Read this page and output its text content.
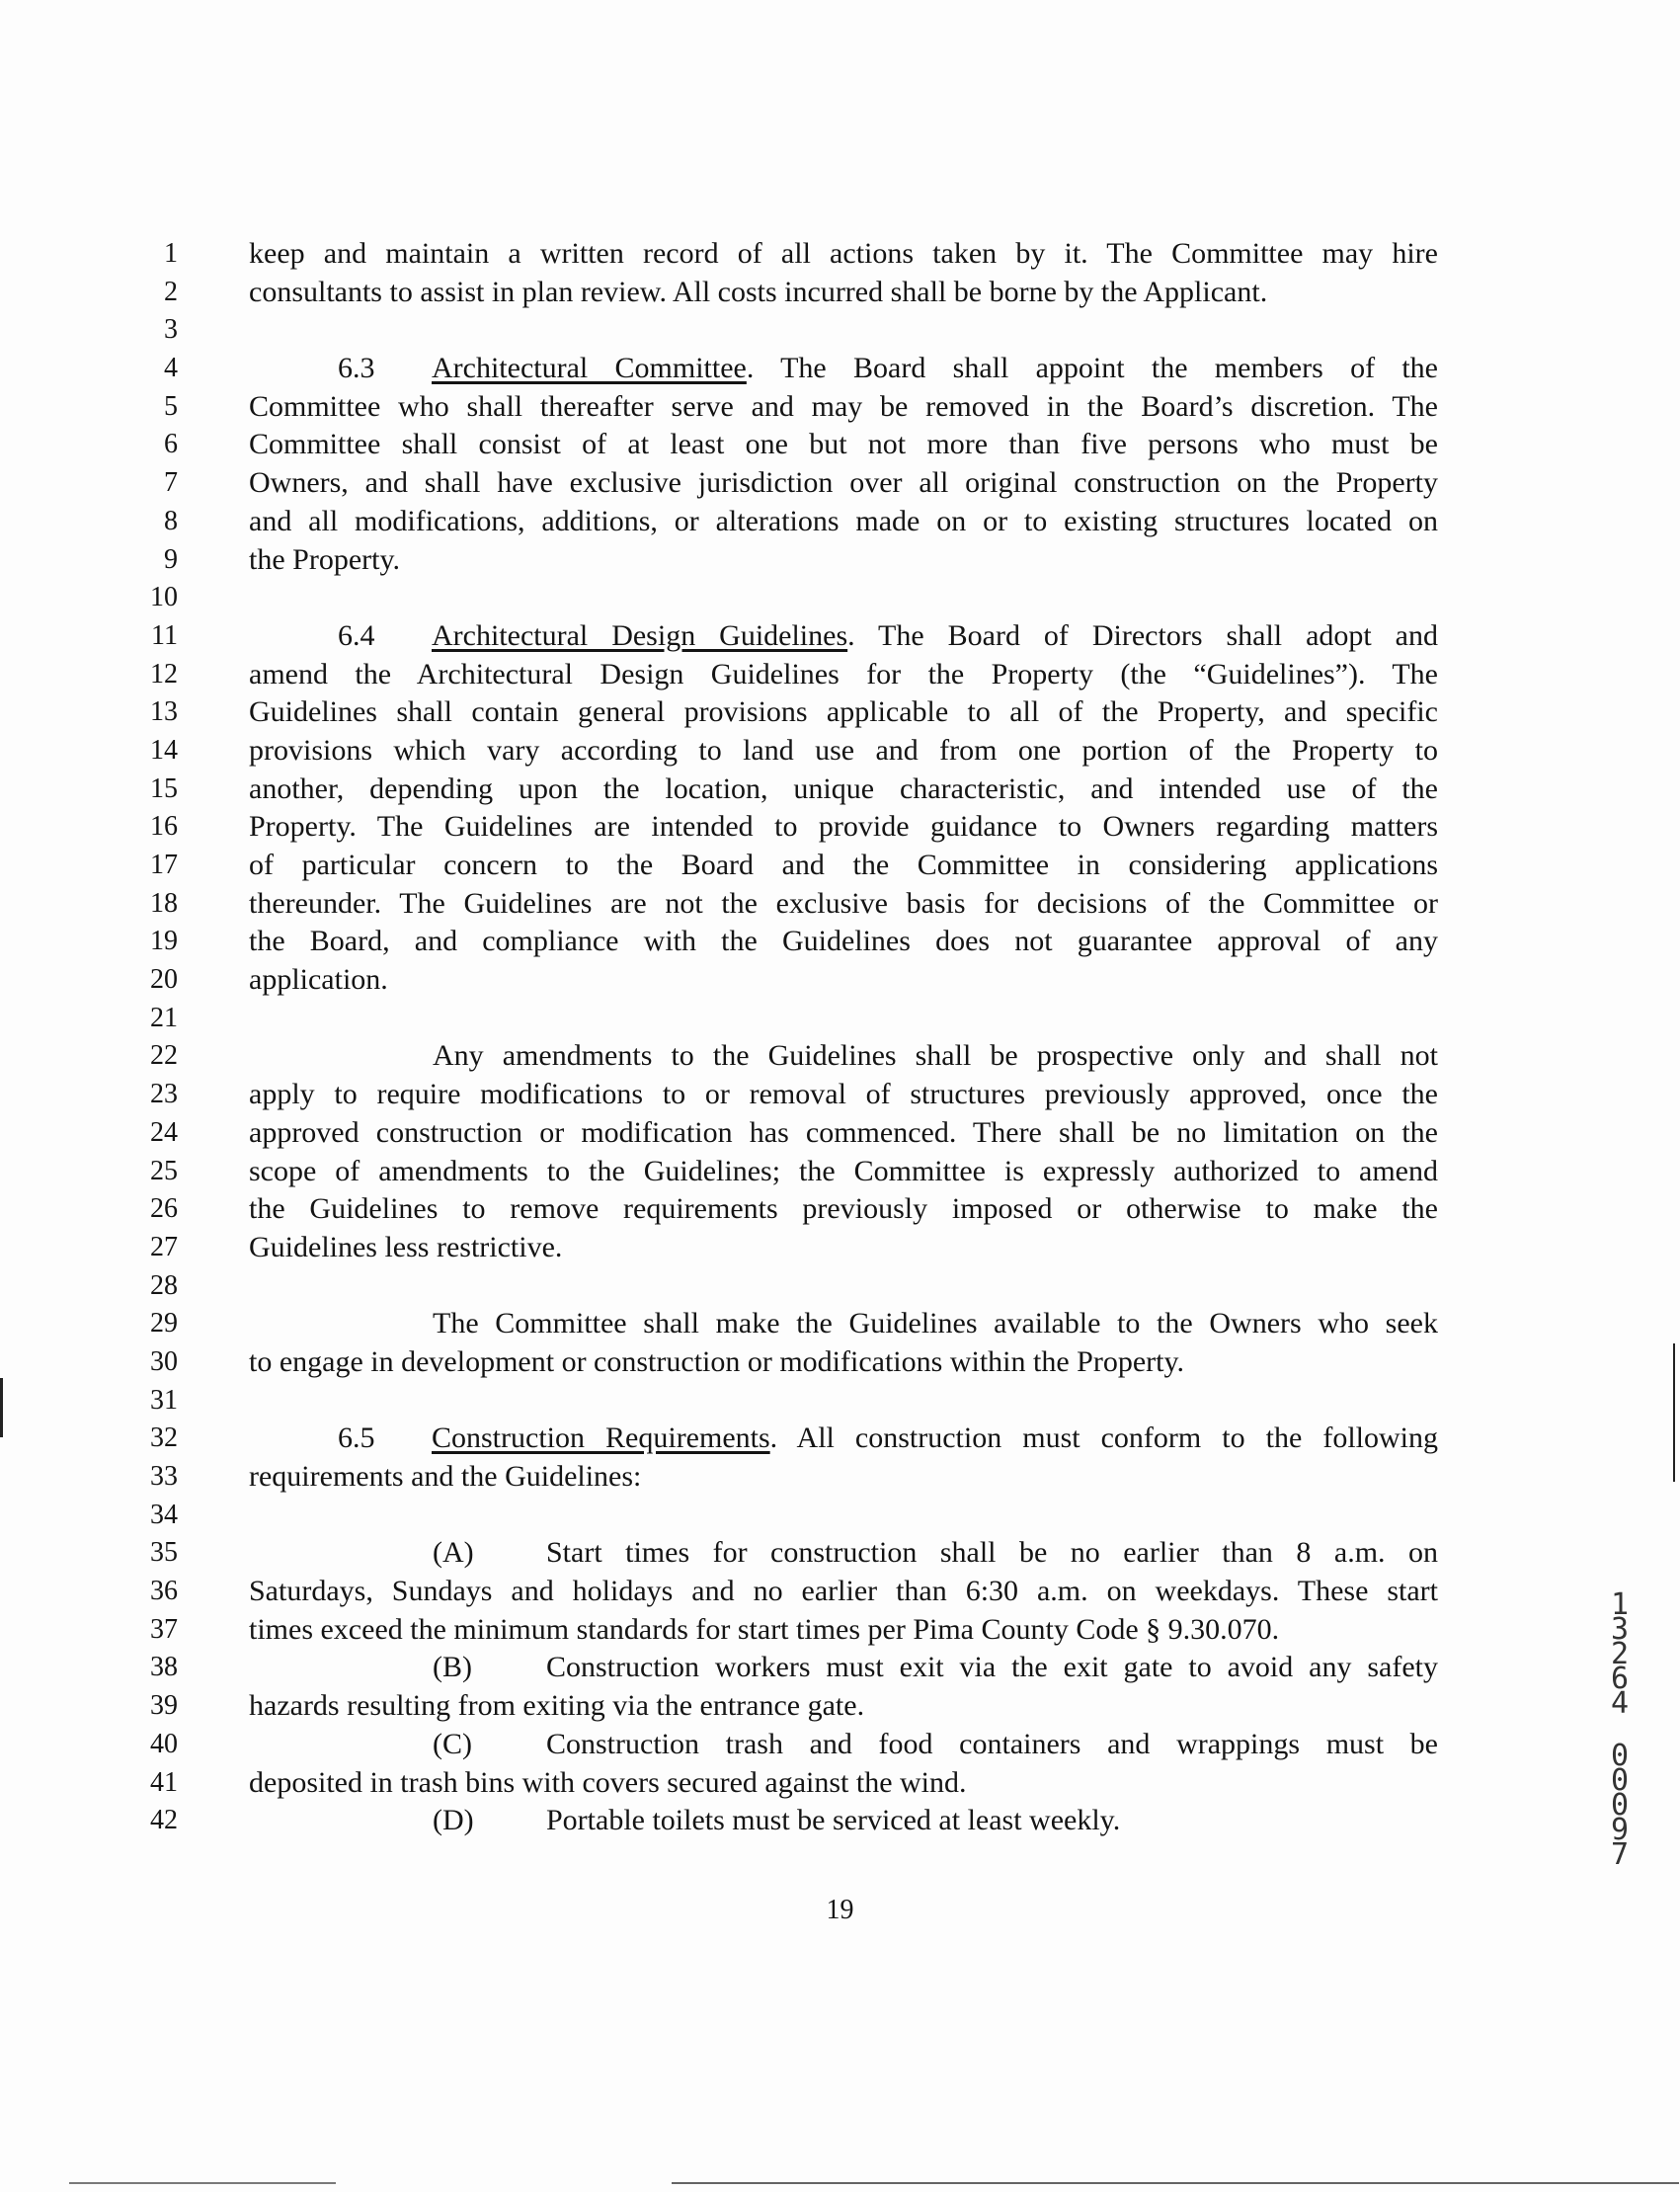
1
2
3
4
5
6
7
8
9
10
11
12
13
14
15
16
17
18
19
20
21
22
23
24
25
26
27
28
29
30
31
32
33
34
35
36
37
38
39
40
41
42
keep and maintain a written record of all actions taken by it. The Committee may hire
consultants to assist in plan review. All costs incurred shall be borne by the Applicant.
6.3 Architectural Committee. The Board shall appoint the members of the
Committee who shall thereafter serve and may be removed in the Board’s discretion. The
Committee shall consist of at least one but not more than five persons who must be
Owners, and shall have exclusive jurisdiction over all original construction on the Property
and all modifications, additions, or alterations made on or to existing structures located on
the Property.
6.4 Architectural Design Guidelines. The Board of Directors shall adopt and
amend the Architectural Design Guidelines for the Property (the “Guidelines”). The
Guidelines shall contain general provisions applicable to all of the Property, and specific
provisions which vary according to land use and from one portion of the Property to
another, depending upon the location, unique characteristic, and intended use of the
Property. The Guidelines are intended to provide guidance to Owners regarding matters
of particular concern to the Board and the Committee in considering applications
thereunder. The Guidelines are not the exclusive basis for decisions of the Committee or
the Board, and compliance with the Guidelines does not guarantee approval of any
application.
Any amendments to the Guidelines shall be prospective only and shall not
apply to require modifications to or removal of structures previously approved, once the
approved construction or modification has commenced. There shall be no limitation on the
scope of amendments to the Guidelines; the Committee is expressly authorized to amend
the Guidelines to remove requirements previously imposed or otherwise to make the
Guidelines less restrictive.
The Committee shall make the Guidelines available to the Owners who seek
to engage in development or construction or modifications within the Property.
6.5 Construction Requirements. All construction must conform to the following
requirements and the Guidelines:
(A) Start times for construction shall be no earlier than 8 a.m. on
Saturdays, Sundays and holidays and no earlier than 6:30 a.m. on weekdays. These start
times exceed the minimum standards for start times per Pima County Code § 9.30.070.
(B)	Construction workers must exit via the exit gate to avoid any safety
hazards resulting from exiting via the entrance gate.
(C)	Construction trash and food containers and wrappings must be
deposited in trash bins with covers secured against the wind.
(D) Portable toilets must be serviced at least weekly.
19
1
3
2
6
4
0
0
0
9
7
